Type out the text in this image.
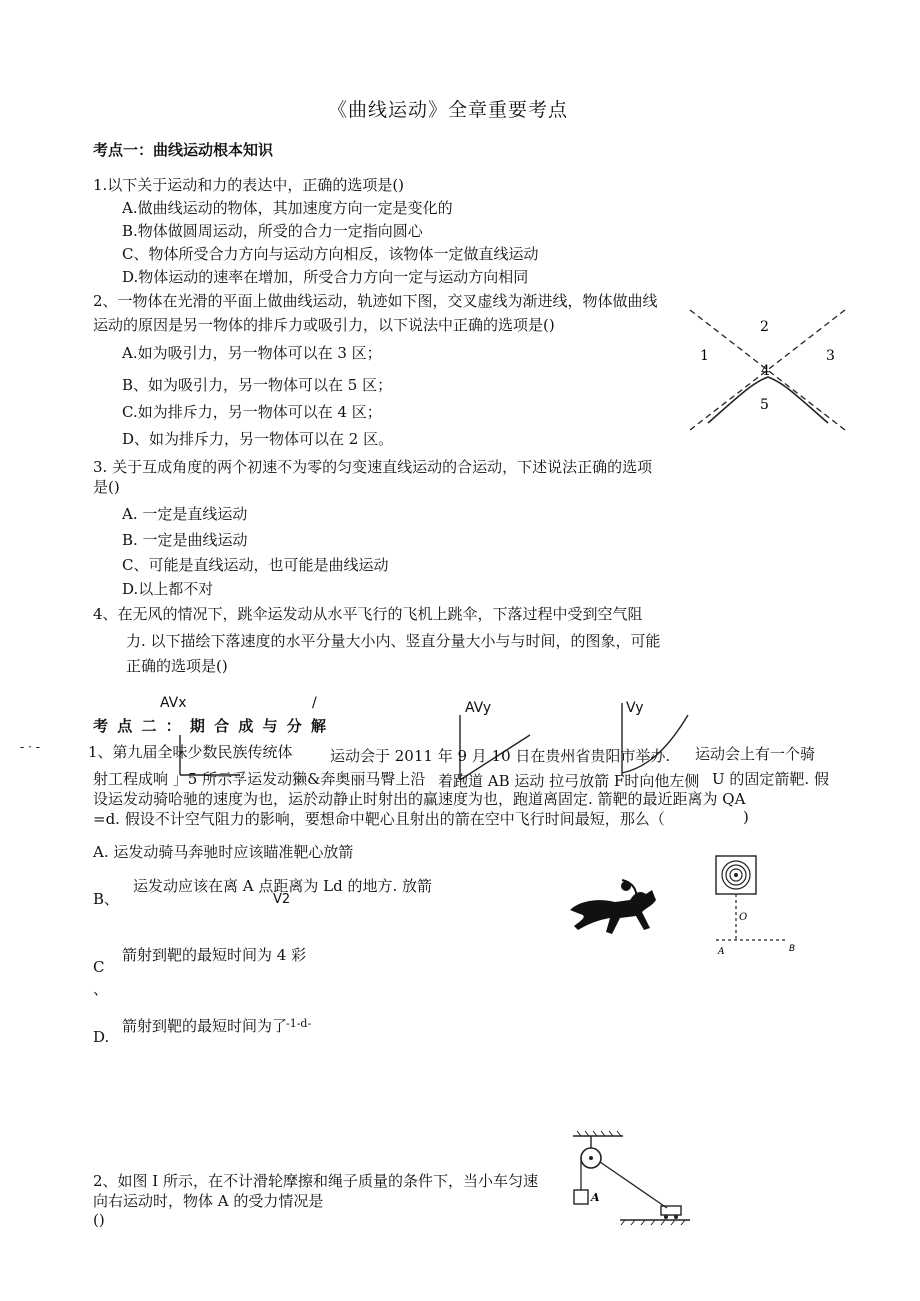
《曲线运动》全章重要考点
考点一：曲线运动根本知识
1.以下关于运动和力的表达中，正确的选项是()
A.做曲线运动的物体，其加速度方向一定是变化的
B.物体做圆周运动，所受的合力一定指向圆心
C、物体所受合力方向与运动方向相反，该物体一定做直线运动
D.物体运动的速率在增加，所受合力方向一定与运动方向相同
2、一物体在光滑的平面上做曲线运动，轨迹如下图，交叉虚线为渐进线，物体做曲线
运动的原因是另一物体的排斥力或吸引力，以下说法中正确的选项是()
A.如为吸引力，另一物体可以在 3 区；
B、如为吸引力，另一物体可以在 5 区；
C.如为排斥力，另一物体可以在 4 区；
D、如为排斥力，另一物体可以在 2 区。
1
2
3
4
5
3. 关于互成角度的两个初速不为零的匀变速直线运动的合运动，下述说法正确的选项
是()
A. 一定是直线运动
B. 一定是曲线运动
C、可能是直线运动，也可能是曲线运动
D.以上都不对
4、在无风的情况下，跳伞运发动从水平飞行的飞机上跳伞，下落过程中受到空气阻
力. 以下描绘下落速度的水平分量大小内、竖直分量大小与与时间，的图象，可能
正确的选项是()
AVx	/	AVy	Vy
考 点 二 ： 期 合 成 与 分 解
- · -	1、第九届全味少数民族传统体 运动会于 2011 年 9 月 10 日在贵州省贵阳市举办. 运动会上有一个骑
射工程成响 」5 所示孚运发动獭&奔奥丽马臀上沿 着跑道 AB 运动 拉弓放箭 F时向他左侧 U 的固定箭靶. 假
设运发动骑哈驰的速度为也，运於动静止时射出的赢速度为也，跑道离固定. 箭靶的最近距离为 QA
=d. 假设不计空气阻力的影响，要想命中靶心且射出的箭在空中飞行时间最短，那么（	)
A. 运发动骑马奔驰时应该瞄准靶心放箭
B、
运发动应该在离 A 点距离为 Ld 的地方. 放箭
V2
箭射到靶的最短时间为 4 彩
C
、
箭射到靶的最短时间为了
-1-d-
D.
O
A	B
2、如图 I 所示，在不计滑轮摩擦和绳子质量的条件下，当小车匀速
向右运动时，物体 A 的受力情况是
()
A
